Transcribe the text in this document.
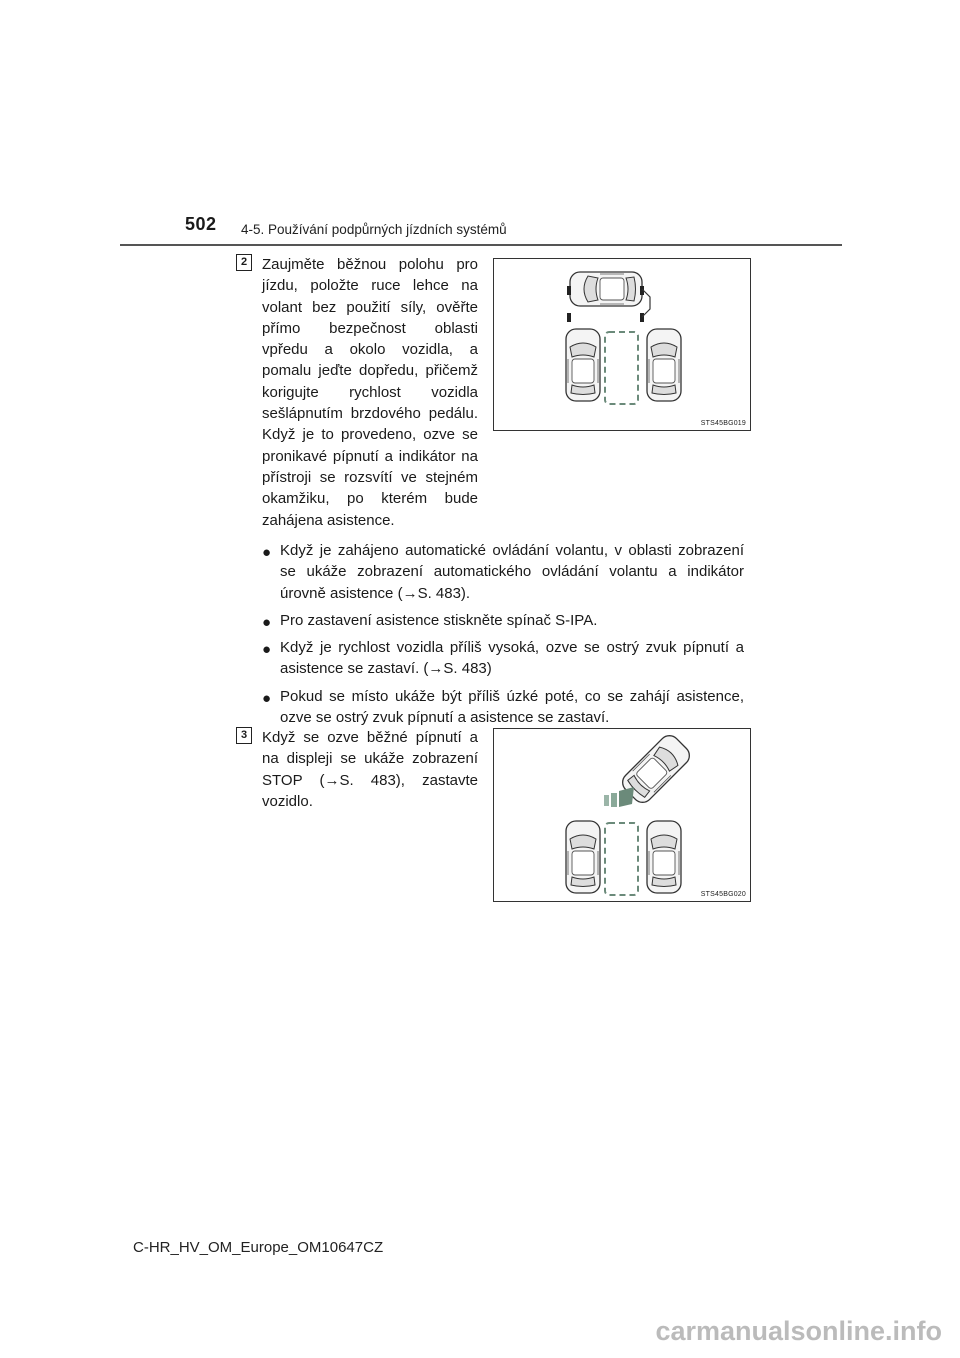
502 4-5. Používání podpůrných jízdních systémů
2 Zaujměte běžnou polohu pro jízdu, položte ruce lehce na volant bez použití síly, ověřte přímo bezpečnost oblasti vpředu a okolo vozidla, a pomalu jeďte dopředu, přičemž korigujte rychlost vozidla sešlápnutím brzdového pedálu. Když je to provedeno, ozve se pronikavé pípnutí a indikátor na přístroji se rozsvítí ve stejném okamžiku, po kterém bude zahájena asistence.
STS45BG019
● Když je zahájeno automatické ovládání volantu, v oblasti zobrazení se ukáže zobrazení automatického ovládání volantu a indikátor úrovně asistence (→S. 483).
● Pro zastavení asistence stiskněte spínač S-IPA.
● Když je rychlost vozidla příliš vysoká, ozve se ostrý zvuk pípnutí a asistence se zastaví. (→S. 483)
● Pokud se místo ukáže být příliš úzké poté, co se zahájí asistence, ozve se ostrý zvuk pípnutí a asistence se zastaví.
3 Když se ozve běžné pípnutí a na displeji se ukáže zobrazení STOP (→S. 483), zastavte vozidlo.
STS45BG020
C-HR_HV_OM_Europe_OM10647CZ
carmanualsonline.info
